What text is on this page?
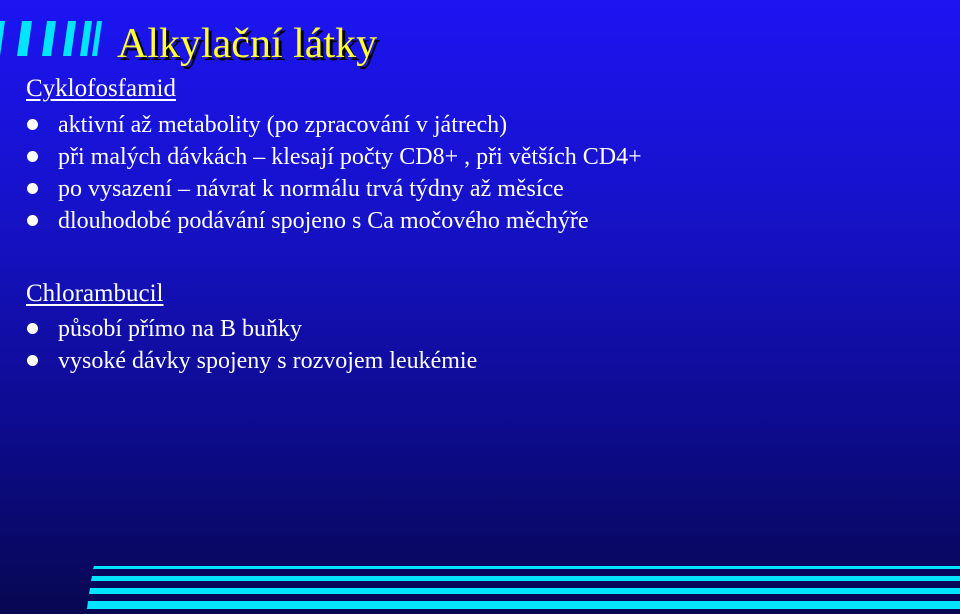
Alkylační látky
Cyklofosfamid
aktivní až metabolity (po zpracování v játrech)
při malých dávkách – klesají počty CD8+ , při větších CD4+
po vysazení – návrat k normálu trvá týdny až měsíce
dlouhodobé podávání spojeno s Ca močového měchýře
Chlorambucil
působí přímo na B buňky
vysoké dávky spojeny s rozvojem leukémie
